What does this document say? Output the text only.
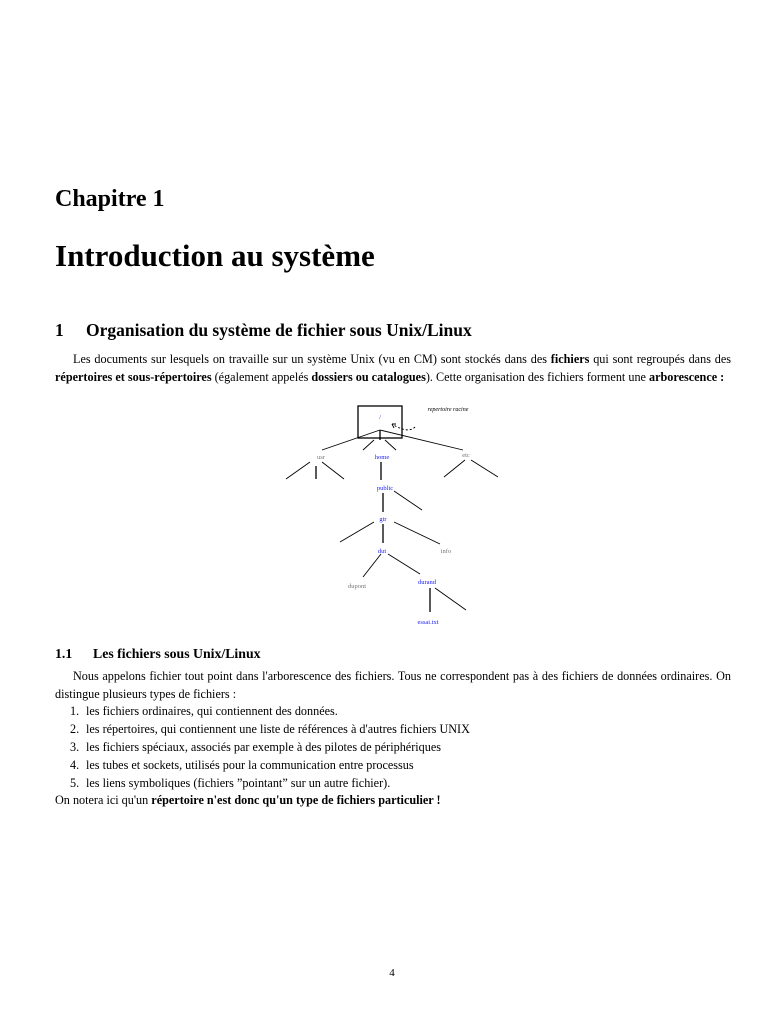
Chapitre 1
Introduction au système
1 Organisation du système de fichier sous Unix/Linux

Les documents sur lesquels on travaille sur un système Unix (vu en CM) sont stockés dans des fichiers qui sont regroupés dans des répertoires et sous-répertoires (également appelés dossiers ou catalogues). Cette organisation des fichiers forment une arborescence :

/
repertoire racine
usr	home	etc
public
gtr
dut	info
dupont
durand
essai.txt
1.1 Les fichiers sous Unix/Linux

Nous appelons fichier tout point dans l'arborescence des fichiers. Tous ne correspondent pas à des fichiers de données ordinaires. On distingue plusieurs types de fichiers :

1. les fichiers ordinaires, qui contiennent des données.
2. les répertoires, qui contiennent une liste de références à d'autres fichiers UNIX
3. les fichiers spéciaux, associés par exemple à des pilotes de périphériques
4. les tubes et sockets, utilisés pour la communication entre processus
5. les liens symboliques (fichiers ”pointant” sur un autre fichier).

On notera ici qu'un répertoire n'est donc qu'un type de fichiers particulier !

4
